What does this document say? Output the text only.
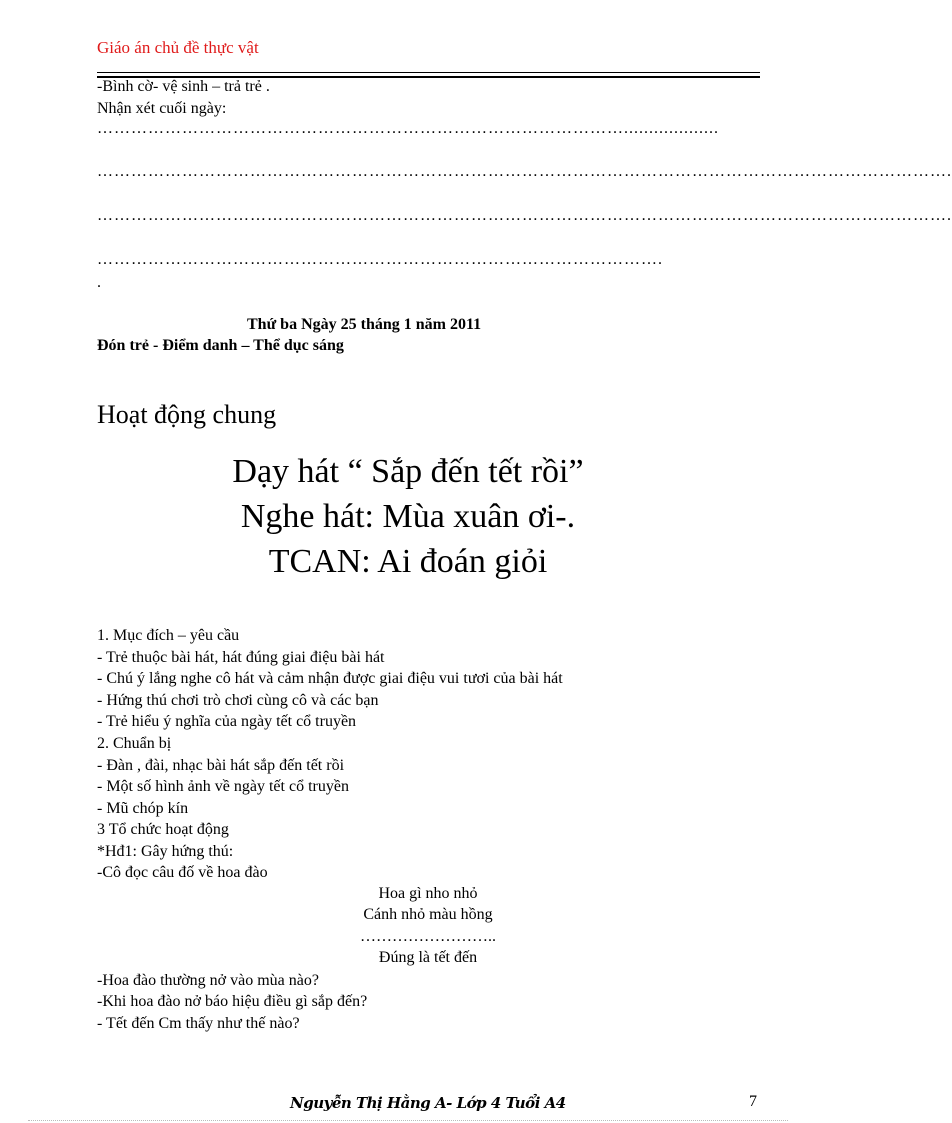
Giáo án chủ đề thực vật
-Bình cờ- vệ sinh – trả trẻ .
Nhận xét cuối ngày:
…………………………………………………………………………………...................
…………………………………………………………………………………………………………………………………….
…………………………………………………………………………………………………………………………………….
……………………………………………………………………………………….
.
Thứ ba Ngày 25 tháng 1 năm 2011
Đón trẻ - Điểm danh – Thể dục sáng
Hoạt động chung
Dạy hát “ Sắp đến tết rồi”
Nghe hát: Mùa xuân ơi-.
TCAN: Ai đoán giỏi
1. Mục đích – yêu cầu
- Trẻ thuộc bài hát, hát đúng giai điệu bài hát
- Chú ý lắng nghe cô hát và cảm nhận được giai điệu vui tươi của bài hát
- Hứng thú chơi trò chơi cùng cô và các bạn
- Trẻ hiểu ý nghĩa của ngày tết cổ truyền
2. Chuẩn bị
- Đàn , đài, nhạc bài hát sắp đến tết rồi
- Một số hình ảnh về ngày tết cổ truyền
- Mũ chóp kín
3 Tổ chức hoạt động
*Hđ1: Gây hứng thú:
-Cô đọc câu đố về hoa đào
Hoa gì nho nhỏ
Cánh nhỏ màu hồng
……………………..
Đúng là tết đến
-Hoa đào thường nở vào mùa nào?
-Khi hoa đào nở báo hiệu điều gì sắp đến?
- Tết đến Cm thấy như thế nào?
Nguyễn Thị Hằng A- Lớp 4 Tuổi A4	7
